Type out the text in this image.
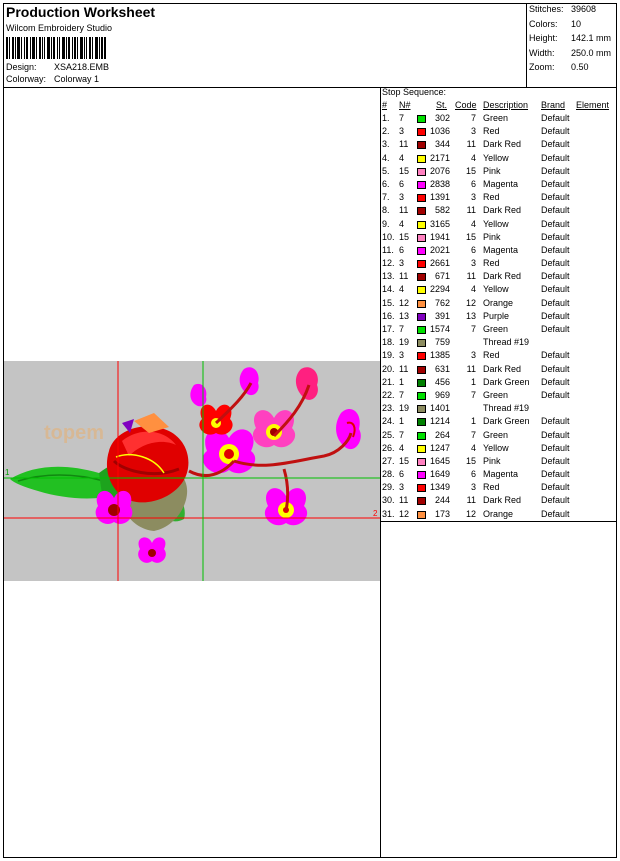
Production Worksheet
Wilcom Embroidery Studio
Design: XSA218.EMB
Colorway: Colorway 1
Stitches: 39608
Colors: 10
Height: 142.1 mm
Width: 250.0 mm
Zoom: 0.50
topem
1
2
Stop Sequence:
# N#	St. Code Description Brand Element
1. 7	302	7 Green	Default
2. 3	1036	3 Red	Default
3. 11	344	11 Dark Red Default
4. 4	2171	4 Yellow	Default
5. 15 2076	15 Pink	Default
6. 6	2838	6 Magenta	Default
7. 3	1391	3 Red	Default
8. 11	582	11 Dark Red Default
9. 4	3165	4 Yellow	Default
10. 15 1941	15 Pink	Default
11. 6	2021	6 Magenta	Default
12. 3	2661	3 Red	Default
13. 11	671	11 Dark Red Default
14. 4	2294	4 Yellow	Default
15. 12	762	12 Orange	Default
16. 13	391	13 Purple	Default
17. 7	1574	7 Green	Default
18. 19	759	Thread #19
19. 3	1385	3 Red	Default
20. 11	631	11 Dark Red Default
21. 1	456	1 Dark Green Default
22. 7	969	7 Green	Default
23. 19 1401	Thread #19
24. 1	1214	1 Dark Green Default
25. 7	264	7 Green	Default
26. 4	1247	4 Yellow	Default
27. 15 1645	15 Pink	Default
28. 6	1649	6 Magenta	Default
29. 3	1349	3 Red	Default
30. 11	244	11 Dark Red Default
31. 12	173	12 Orange	Default
